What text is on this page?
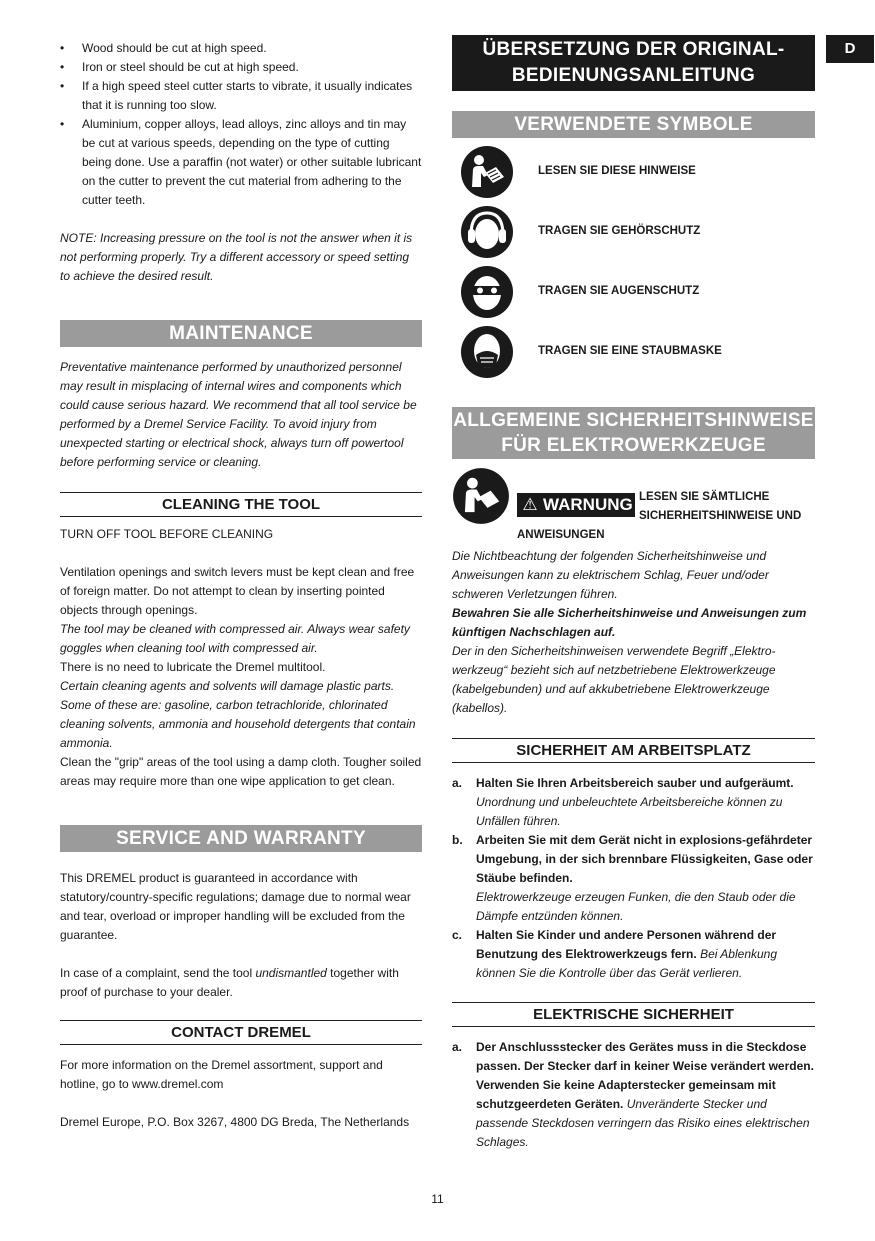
• Wood should be cut at high speed.
• Iron or steel should be cut at high speed.
• If a high speed steel cutter starts to vibrate, it usually indicates that it is running too slow.
• Aluminium, copper alloys, lead alloys, zinc alloys and tin may be cut at various speeds, depending on the type of cutting being done. Use a paraffin (not water) or other suitable lubricant on the cutter to prevent the cut material from adhering to the cutter teeth.

NOTE: Increasing pressure on the tool is not the answer when it is not performing properly. Try a different accessory or speed setting to achieve the desired result.

MAINTENANCE

Preventative maintenance performed by unauthorized personnel may result in misplacing of internal wires and components which could cause serious hazard. We recommend that all tool service be performed by a Dremel Service Facility. To avoid injury from unexpected starting or electrical shock, always turn off powertool before performing service or cleaning.

CLEANING THE TOOL

TURN OFF TOOL BEFORE CLEANING

Ventilation openings and switch levers must be kept clean and free of foreign matter. Do not attempt to clean by inserting pointed objects through openings.

The tool may be cleaned with compressed air. Always wear safety goggles when cleaning tool with compressed air.

There is no need to lubricate the Dremel multitool.

Certain cleaning agents and solvents will damage plastic parts. Some of these are: gasoline, carbon tetrachloride, chlorinated cleaning solvents, ammonia and household detergents that contain ammonia.

Clean the "grip" areas of the tool using a damp cloth. Tougher soiled areas may require more than one wipe application to get clean.

SERVICE AND WARRANTY

This DREMEL product is guaranteed in accordance with statutory/country-specific regulations; damage due to normal wear and tear, overload or improper handling will be excluded from the guarantee.

In case of a complaint, send the tool undismantled together with proof of purchase to your dealer.

CONTACT DREMEL

For more information on the Dremel assortment, support and hotline, go to www.dremel.com

Dremel Europe, P.O. Box 3267, 4800 DG Breda, The Netherlands

ÜBERSETZUNG DER ORIGINAL-
BEDIENUNGSANLEITUNG
VERWENDETE SYMBOLE
LESEN SIE DIESE HINWEISE
TRAGEN SIE GEHÖRSCHUTZ
TRAGEN SIE AUGENSCHUTZ
TRAGEN SIE EINE STAUBMASKE
ALLGEMEINE SICHERHEITSHINWEISE
FÜR ELEKTROWERKZEUGE
⚠ WARNUNG LESEN SIE SÄMTLICHE
SICHERHEITSHINWEISE UND
ANWEISUNGEN

Die Nichtbeachtung der folgenden Sicherheitshinweise und Anweisungen kann zu elektrischem Schlag, Feuer und/oder schweren Verletzungen führen.

Bewahren Sie alle Sicherheitshinweise und Anweisungen zum künftigen Nachschlagen auf.

Der in den Sicherheitshinweisen verwendete Begriff „Elektro-werkzeug“ bezieht sich auf netzbetriebene Elektrowerkzeuge (kabelgebunden) und auf akkubetriebene Elektrowerkzeuge (kabellos).

SICHERHEIT AM ARBEITSPLATZ
a. Halten Sie Ihren Arbeitsbereich sauber und aufgeräumt.
Unordnung und unbeleuchtete Arbeitsbereiche können zu Unfällen führen.
b. Arbeiten Sie mit dem Gerät nicht in explosions-gefährdeter Umgebung, in der sich brennbare Flüssigkeiten, Gase oder Stäube befinden.
Elektrowerkzeuge erzeugen Funken, die den Staub oder die Dämpfe entzünden können.
c. Halten Sie Kinder und andere Personen während der Benutzung des Elektrowerkzeugs fern. Bei Ablenkung können Sie die Kontrolle über das Gerät verlieren.
ELEKTRISCHE SICHERHEIT
a. Der Anschlussstecker des Gerätes muss in die Steckdose passen. Der Stecker darf in keiner Weise verändert werden. Verwenden Sie keine Adapterstecker gemeinsam mit schutzgeerdeten Geräten. Unveränderte Stecker und passende Steckdosen verringern das Risiko eines elektrischen Schlages.
D
11
